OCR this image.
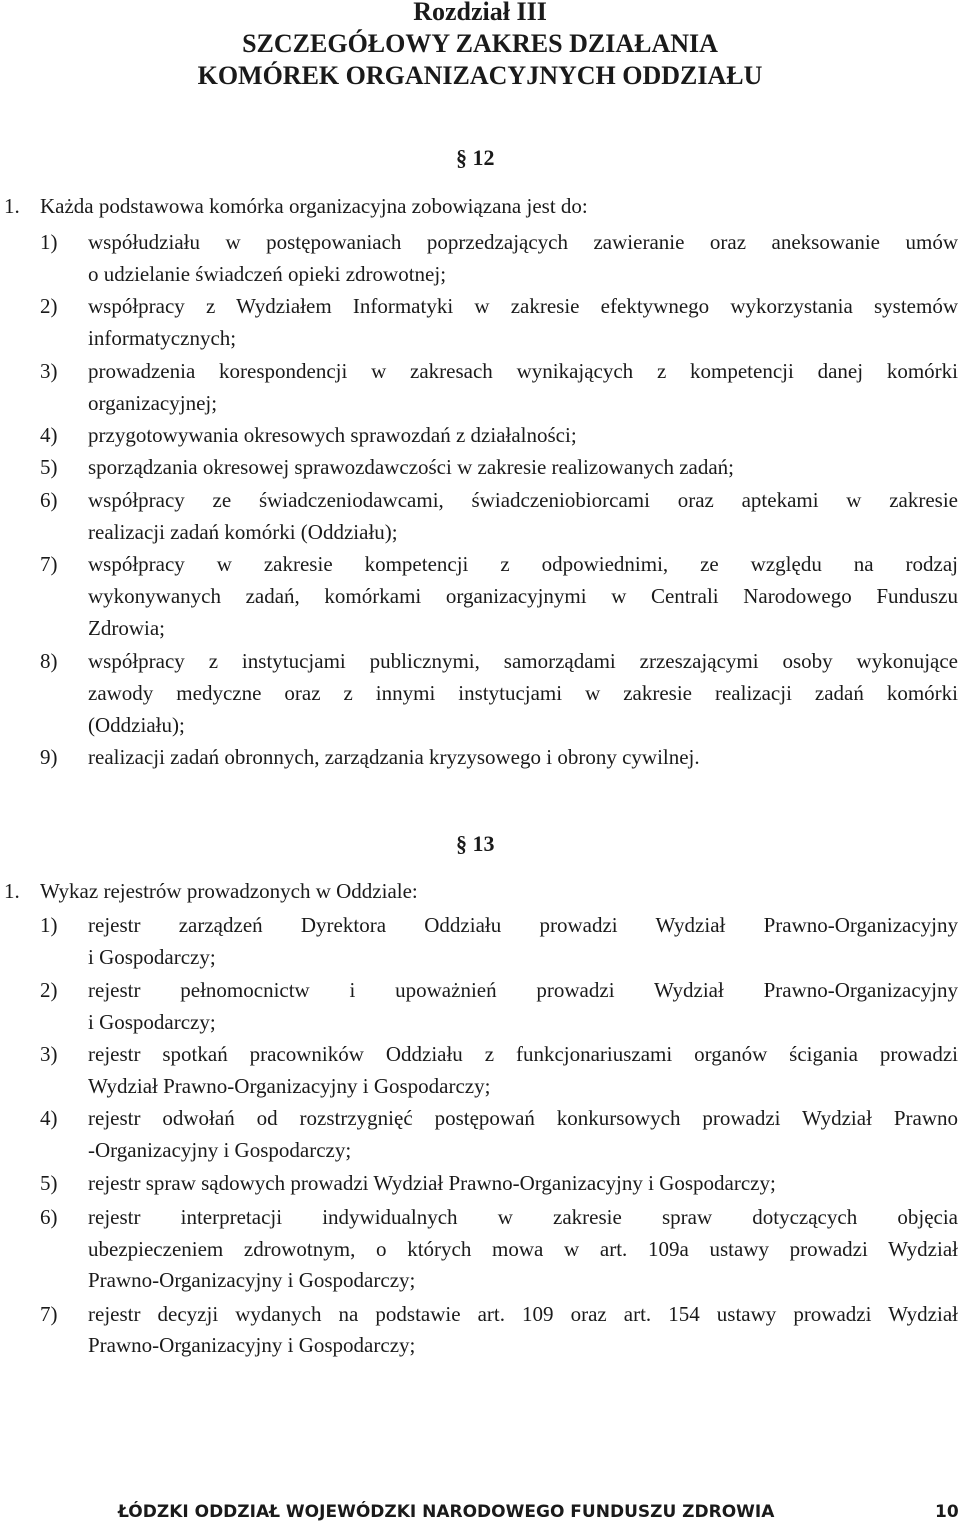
Rozdział III
SZCZEGÓŁOWY ZAKRES DZIAŁANIA
KOMÓREK ORGANIZACYJNYCH ODDZIAŁU
§ 12
1. Każda podstawowa komórka organizacyjna zobowiązana jest do:
1) współudziału w postępowaniach poprzedzających zawieranie oraz aneksowanie umów
o udzielanie świadczeń opieki zdrowotnej;
2) współpracy z Wydziałem Informatyki w zakresie efektywnego wykorzystania systemów
informatycznych;
3) prowadzenia korespondencji w zakresach wynikających z kompetencji danej komórki
organizacyjnej;
4) przygotowywania okresowych sprawozdań z działalności;
5) sporządzania okresowej sprawozdawczości w zakresie realizowanych zadań;
6) współpracy ze świadczeniodawcami, świadczeniobiorcami oraz aptekami w zakresie
realizacji zadań komórki (Oddziału);
7) współpracy w zakresie kompetencji z odpowiednimi, ze względu na rodzaj
wykonywanych zadań, komórkami organizacyjnymi w Centrali Narodowego Funduszu
Zdrowia;
8) współpracy z instytucjami publicznymi, samorządami zrzeszającymi osoby wykonujące
zawody medyczne oraz z innymi instytucjami w zakresie realizacji zadań komórki
(Oddziału);
9) realizacji zadań obronnych, zarządzania kryzysowego i obrony cywilnej.
§ 13
1. Wykaz rejestrów prowadzonych w Oddziale:
1) rejestr zarządzeń Dyrektora Oddziału prowadzi Wydział Prawno-Organizacyjny
i Gospodarczy;
2) rejestr pełnomocnictw i upoważnień prowadzi Wydział Prawno-Organizacyjny
i Gospodarczy;
3) rejestr spotkań pracowników Oddziału z funkcjonariuszami organów ścigania prowadzi
Wydział Prawno-Organizacyjny i Gospodarczy;
4) rejestr odwołań od rozstrzygnięć postępowań konkursowych prowadzi Wydział Prawno
-Organizacyjny i Gospodarczy;
5) rejestr spraw sądowych prowadzi Wydział Prawno-Organizacyjny i Gospodarczy;
6) rejestr interpretacji indywidualnych w zakresie spraw dotyczących objęcia
ubezpieczeniem zdrowotnym, o których mowa w art. 109a ustawy prowadzi Wydział
Prawno-Organizacyjny i Gospodarczy;
7) rejestr decyzji wydanych na podstawie art. 109 oraz art. 154 ustawy prowadzi Wydział
Prawno-Organizacyjny i Gospodarczy;
ŁÓDZKI ODDZIAŁ WOJEWÓDZKI NARODOWEGO FUNDUSZU ZDROWIA	10
